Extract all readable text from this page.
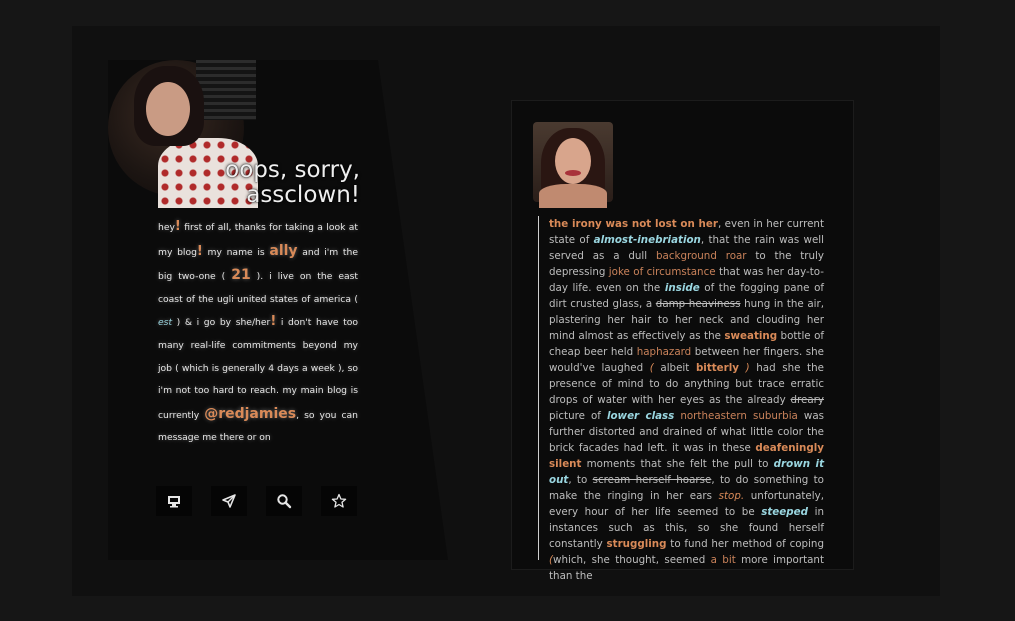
oops, sorry,
assclown!
hey! first of all, thanks for taking a look at my blog! my name is ally and i'm the big two-one ( 21 ). i live on the east coast of the ugli united states of america ( est ) & i go by she/her! i don't have too many real-life commitments beyond my job ( which is generally 4 days a week ), so i'm not too hard to reach. my main blog is currently @redjamies, so you can message me there or on
the irony was not lost on her, even in her current state of almost-inebriation, that the rain was well served as a dull background roar to the truly depressing joke of circumstance that was her day-to-day life. even on the inside of the fogging pane of dirt crusted glass, a damp heaviness hung in the air, plastering her hair to her neck and clouding her mind almost as effectively as the sweating bottle of cheap beer held haphazard between her fingers. she would've laughed ( albeit bitterly ) had she the presence of mind to do anything but trace erratic drops of water with her eyes as the already dreary picture of lower class northeastern suburbia was further distorted and drained of what little color the brick facades had left. it was in these deafeningly silent moments that she felt the pull to drown it out, to scream herself hoarse, to do something to make the ringing in her ears stop. unfortunately, every hour of her life seemed to be steeped in instances such as this, so she found herself constantly struggling to fund her method of coping (which, she thought, seemed a bit more important than the
